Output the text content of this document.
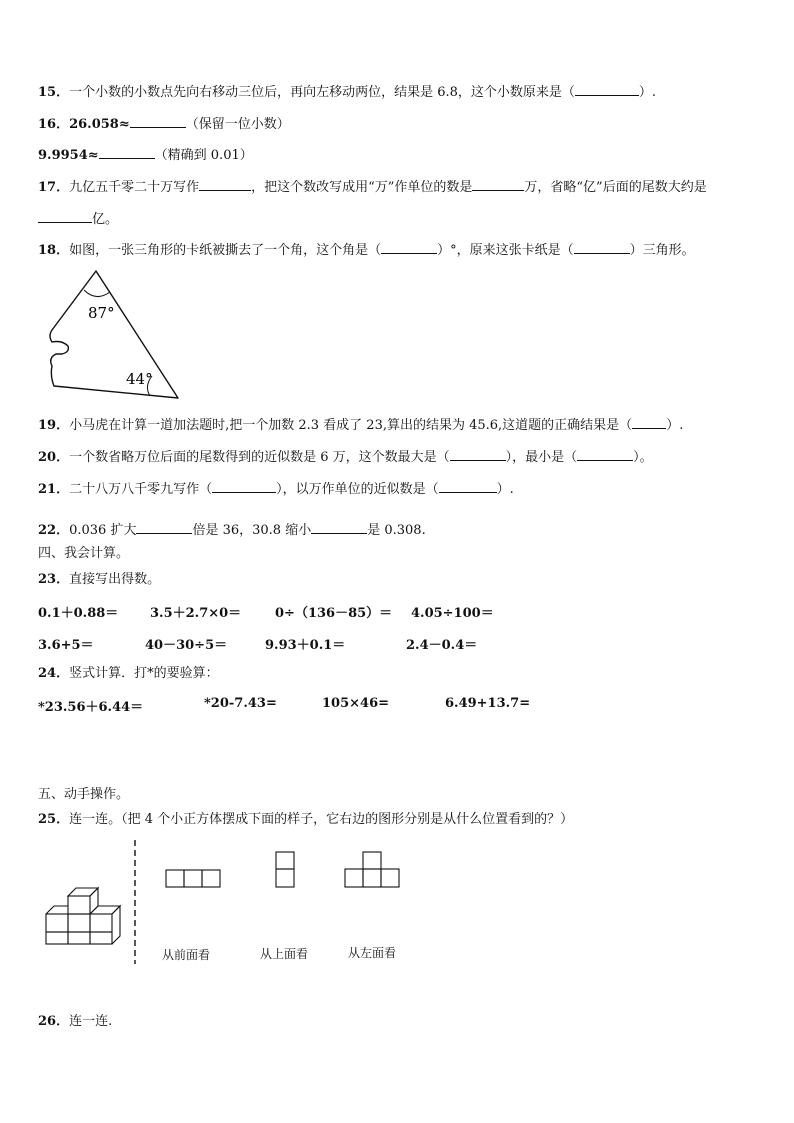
15．一个小数的小数点先向右移动三位后，再向左移动两位，结果是 6.8，这个小数原来是（	）.
16．26.058≈	（保留一位小数）
9.9954≈	（精确到 0.01）
17．九亿五千零二十万写作	，把这个数改写成用“万”作单位的数是	万，省略“亿”后面的尾数大约是
亿。
18．如图，一张三角形的卡纸被撕去了一个角，这个角是（	）°，原来这张卡纸是（	）三角形。
87°
44°
19．小马虎在计算一道加法题时,把一个加数 2.3 看成了 23,算出的结果为 45.6,这道题的正确结果是（	）.
20．一个数省略万位后面的尾数得到的近似数是 6 万，这个数最大是（	），最小是（	）。
21．二十八万八千零九写作（	），以万作单位的近似数是（	）.
22．0.036 扩大	倍是 36，30.8 缩小	是 0.308.
四、我会计算。
23．直接写出得数。
0.1＋0.88＝ 3.5＋2.7×0＝	0÷（136－85）＝ 4.05÷100＝
3.6+5＝	40－30÷5＝	9.93＋0.1＝	2.4－0.4＝
24．竖式计算．打*的要验算：
*23.56＋6.44＝	*20-7.43=	105×46=	6.49+13.7=
五、动手操作。
25．连一连。（把 4 个小正方体摆成下面的样子，它右边的图形分别是从什么位置看到的？）
从前面看	从上面看	从左面看
26．连一连.
